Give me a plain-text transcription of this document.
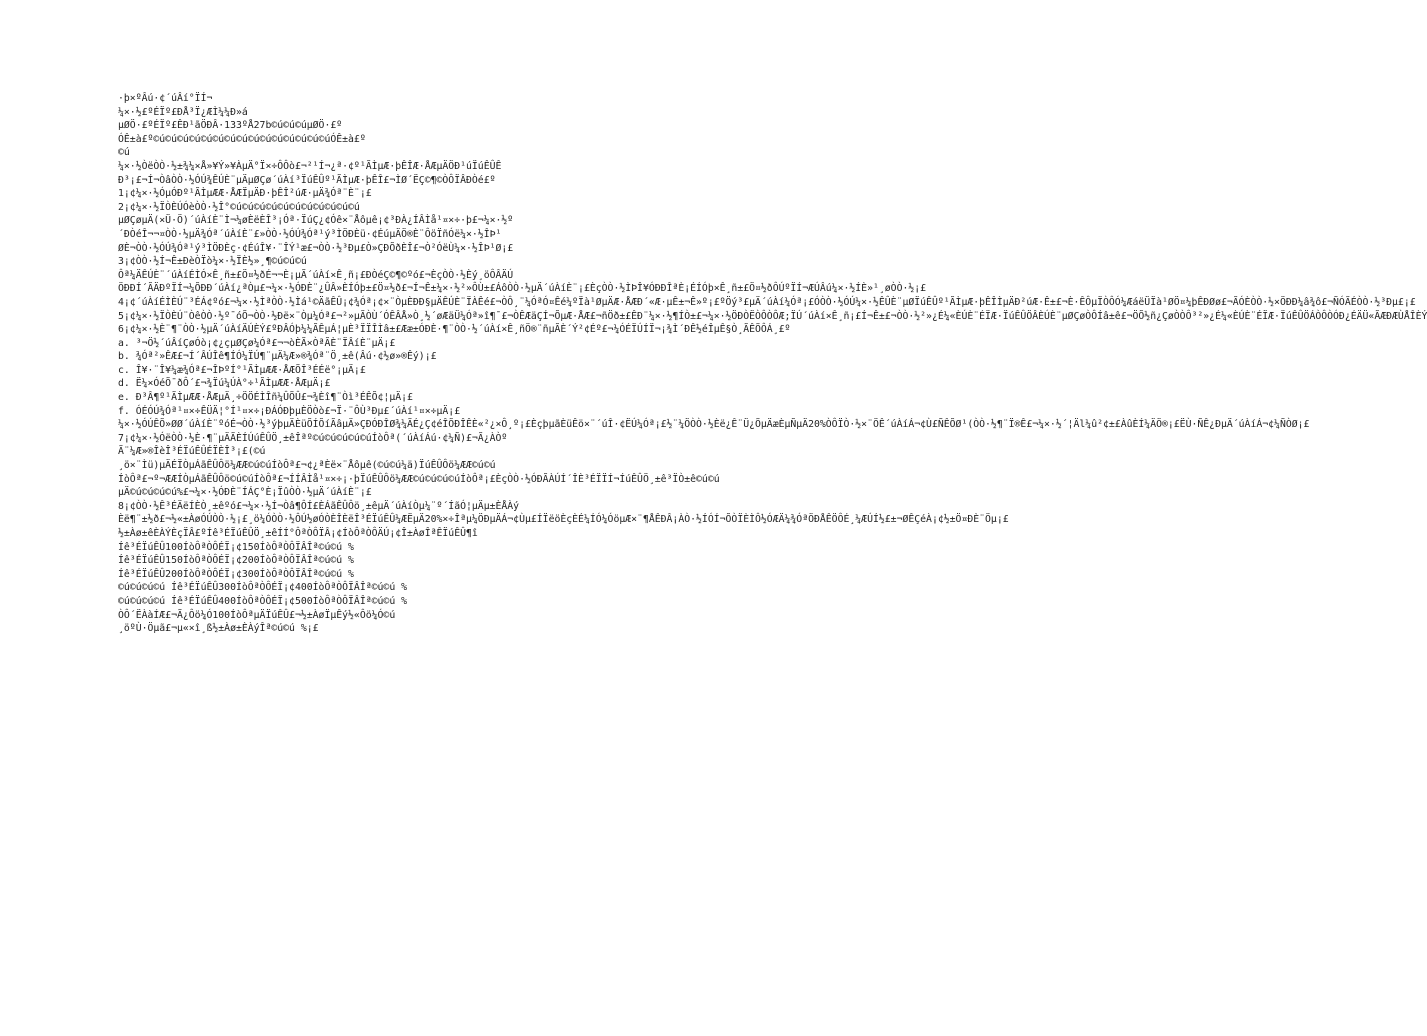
·þ×ºÂú·¢´úÂí°ÏÍ¬
¼×·½£ºÉÏº£ÐÅ³Ï¿ÆÌ¼¼Ð»á
µØÖ·£ºÉÏº£ÊÐ¹ãÖÐÂ·133ºÅ27b©ú©ú©úµØÖ·£º
ÓÊ±à£º©ú©ú©ú©ú©ú©ú©ú©ú©ú©ú©ú©ú©ú©ú©úÓÊ±à£º
©ú
¼×·½ÒëÒÒ·½±¾¼×Å»¥Ý»¥ÀµÄ°Ï×÷ÔÔò£¬²¹Í¬¿ª·¢º¹ÃÌµÆ·þÊÎÆ·ÅÆµÄÖÐ¹úÏúÊÛÊ
Ð³¡£¬Í¬ÒâÒÒ·½ÓÚ¾ÊÚÈ¨µÄµØÇø´úÀí³ÏúÊÛº¹ÃÌµÆ·þÊÎ£¬ÌØ´ËÇ©¶©ÒÔÏÂÐÒé£º
1¡¢¼×·½ÓµÓÐº¹ÃÌµÆÆ·ÅÆÏµÄÐ·þÊÎ²úÆ·µÄ¾Óª¨È¨¡£
2¡¢¼×·½ÏÒÈÚÓèÒÒ·½Î°©ú©ú©ú©ú©ú©ú©ú©ú©ú©ú©ú
µØÇøµÄ(×Ü·Ö)´úÀíÈ¨Ì¬¼øÈëÈÎ³¡Óª·ÏúÇ¿¢Óê×¨Åôµê¡¢³ÐÀ¿ÍÂÌå¹¤×÷·þ£¬¼×·½º
´ÐÒéÎ¬¬¤ÒÒ·½µÄ¾Óª´úÀíÈ¨£»ÒÒ·½ÓÚ¾Óª¹ý³ÌÖÐÈü·¢ÉúµÄÖ®È¨ÔöÏñÓë¼×·½ÎÞ¹
ØÈ¬ÒÒ·½ÓÚ¾Óª¹ý³ÌÖÐÈç·¢ÉúÎ¥·¨ÎÝ¹æ£¬ÒÒ·½³Ðµ£Ò»ÇÐÕðÈÎ£¬Ò²ÓëÙ¼×·½ÎÞ¹Ø¡£
3¡¢ÒÒ·½Í¬Ê±ÐèÒÏò¼×·½ÏÈ½»¸¶©ú©ú©ú
Ôª¼ÄÊÚÈ¨´úÀíÉÌÓ×Ê¸ñ±£Ö¤½ðÉ¬¬È¡µÃ´úÀí×Ê¸ñ¡£ÐÒéÇ©¶©ºó£¬ÈçÒÒ·½Èý¸öÔÂÄÚ
ÖÐÐÍ´ÃÄÐºÏÍ¬¼ÕÐÐ´úÀí¿ªÒµ£¬¼×·½ÓÐÈ¨¿ÛÂ»ÈÍÓþ±£Ö¤½ð£¬Í¬Ê±¼×·½²»ÔÙ±£ÁôÒÒ·½µÄ´úÀíÈ¨¡£ÈçÒÒ·½ÌÞÎ¥ÓÐÐÎªÈ¡ÉÍÓþ×Ê¸ñ±£Ö¤½ðÔÚºÏÍ¬ÆÚÂú¼×·½ÍÈ»¹¸øÒÒ·½¡£
4¡¢´úÀíÉÌÈÚ¨³ÉÁ¢ºó£¬¼×·½ÌªÒÒ·½Ìá¹©ÄãÊÛ¡¢¾Óª¡¢×¨ÒµÈÐÐ§µÄÊÚÈ¨ÏÀÊé£¬ÒÔ¸¨¼ÓªÓ¤Êé¼ºÏà¹ØµÄÆ·ÅÆÐ´«Æ·µÊ±¬Ê»º¡£ºÖý³£µÄ´úÀí¼Óª¡£ÓÒÒ·½ÓÚ¼×·½ÊÛÈ¨µØÏúÊÛº¹ÃÌµÆ·þÊÎÌµÄÐ²úÆ·Ê±£¬È·ÊÔµÏÒÔÓ¼ÆáëÜÏà¹ØÖ¤¼þÊÐØø£¬ÃÓÈÒÒ·½×ÖÐÐ¼â¾ô£¬ÑÓÃÉÒÒ·½³Ðµ£¡£
5¡¢¼×·½ÏÒÈÚ¨ÒêÒÒ·½º¯óÕ¬ÒÒ·½Ðë×¨Òµ¼Óª£¬²»µÃÒÙ´ÓÊÂÅ»Ò¸½´øÆäÜ¼Óª»î¶¯£¬ÒÊÆäÇÍ¬ÕµÆ·ÅÆ£¬ñÖð±£ÊÐ¨¼×·½¶ÍÒ±£¬¼×·½ÖÐÒËÒÔÒÔÆ;ÏÚ´úÀí×Ê¸ñ¡£Í¬Ê±£¬ÒÒ·½²»¿É¼«ÈÚÈ¨ÉÏÆ·ÏúÊÛÖÂÈÚÈ¨µØÇøÒÔÍâ±ê£¬ÖÕ½ñ¿ÇøÒÒÔ³²»¿É¼«ÈÚÈ¨ÉÏÆ·ÏúÊÛÖÁÒÔÒÓÐ¿ÉÄÜ«ÃÆÐÆÙÅÎÈÝ
6¡¢¼×·½È¨¶¨ÒÒ·½µÄ´úÀíÄÚÈÝ£ºÐÂÓþ¼¼ÃÊµÁ¦µÈ³ÏÏÎÌâ±£Ææ±ÓÐÈ·¶¨ÒÒ·½´úÀí×Ê¸ñÖ®¨ñµÃÈ´Ý²¢Éº£¬¼ÓÉÏÚÍÏ¬¡¾Ì´ÐÊ½éÎµÊ§Ò¸ÃÊÕÔÁ¸£º
a. ³¬Ö½´úÂíÇøÓò¡¢¿çµØÇø¼Óª£¬¬òÈÃ×ÒªÃÈ¨ÏÂíÈ¨µÄ¡£
b. ¾Óª²»ÊÆ£¬Í´ÂÚÎê¶ÍÓ¼ÏÚ¶¨µÄ¼Æ»®¾Óª¨Ö¸±ê(Âú·¢½ø»®Êý)¡£
c. Î¥·¨Î¥¼æ¾Óª£¬ÎÞºÍ°¹ÃÌµÆÆ·ÅÆÕÎ³ÉÉë°¡µÄ¡£
d. Ë¼×ÓéÕ¯ðÔ´£¬¾Ïú¼ÚÀ°÷¹ÃÌµÆÆ·ÅÆµÄ¡£
e. Ð³Â¶º¹ÃÌµÆÆ·ÅÆµÄ¸÷ÖÖÉÌÎñ¼ÛÕÛ£¬¾Èî¶¨Òì³ÉÊÕ¢¦µÄ¡£
f. ÓÉÓÚ¾Óª¹¤×÷ÊÜÄ¦°Í¹¤×÷¡ÐÁÓÐþµÈÖÒò£¬Ï·¨ÔÙ³Ðµ£´úÀí¹¤×÷µÄ¡£
¼×·½ÓÚÊÕ»ØØ´úÀíÈ¨ºóÉ¬ÒÒ·½³ýþµÄÈüÕÍÕíÃâµÄ»ÇÐÓÐÎØ¾¼ÃÉ¿Ç¢éÎÕÐÎÊÈ«²¿×Ô¸º¡£ÈçþµãÈüÊö×¨´úÎ·¢ËÚ¼Óª¡£½¨¼ÖÒÒ·½Èë¿Ê¨Ü¿ÕµÄæÈµÑµÄ20%ÒÔÏÒ·½×¨ÖÊ´úÀíÁ¬¢Ù£ÑÊÕØ¹(ÒÒ·½¶¨Ï®Ê£¬¼×·½´¦Äl¼û²¢±£ÀûÈÍ¼ÄÖ®¡£ËÙ·ÑÊ¿ÐµÄ´úÀíÁ¬¢¼ÑÒØ¡£
7¡¢¼×·½ÓëÒÒ·½È·¶¨µÄÃÈÍÚúÊÛÖ¸±êÎªº©ú©ú©ú©ú©úÍòÔª(´úÀíÁú·¢¼Ñ)£¬Ã¿ÀÒº
Ã¨¼Æ»®ÎèÎ³ÉÏúÊÛÉÏÈÎ³¡£(©ú
¸ö×¨Ìü)µÄÉÏÒµÁãÊÛÔö¼ÆÆ©ú©úÍòÔª£¬¢¿ªÈë×¨Åôµê(©ú©ú¼ä)ÏúÊÛÔö¼ÆÆ©ú©ú
ÍòÔª£¬º¬ÆÆÍÒµÁãÊÛÔö©ú©úÍòÔª£¬ÍÍÂÌå¹¤×÷¡·þÏúÊÛÔö¼ÆÆ©ú©ú©ú©úÍòÔª¡£ÈçÒÒ·½ÓÐÃÀÚÍ´ÎÈ³ÉÏÏÍ¬ÍúÊÛÖ¸±ê³ÏÒ±ê©ú©ú
µÄ©ú©ú©ú©ú%£¬¼×·½ÓÐÈ¨ÍÁÇ°È¡ÏûÒÒ·½µÄ´úÀíÈ¨¡£
8¡¢ÒÒ·½Ê³ÉÄëÍÈÒ¸±êºó£¬¼×·½Í¬Òâ¶ÔÍ£ÈÁãÊÛÔö¸±êµÄ´úÀíÒµ¼¨º´ÍãÓ¦µÄµ±ÈÅÀý
Èë¶¨±½ð£¬½«±ÀøÓÚÒÒ·½¡£¸ö¼ÓÒÒ·½ÔÚ½øÓÒÈÎÈëÎ³ÉÏúÊÛ¼ÆËµÄ20%×÷Îªµ¼ÖÐµÄÁ¬¢Ùµ£ÍÏëöÈçÈÉ¼ÍÓ¼ÓöµÆ×¨¶ÅÊÐÂ¡ÀÒ·½ÍÓÍ¬ÕÒÏÈÌÔ½ÓÆÄ¼¾ÓªÖÐÅÊÖÔÉ¸¼ÆÚÍ½£±¬ØÊÇéÀ¡¢½±Ö¤ÐÈ¨Öµ¡£
½±Àø±êÈÀÝÈçÏÂ£ºÍê³ÉÏúÊÛÖ¸±êÍÍ°ÔªÒÔÏÂ¡¢ÍòÔªÒÔÄÚ¡¢Î±ÀøÎªÊÏúÊÛ¶î
Íê³ÉÏúÊÛ100ÍòÔªÒÔÉÏ¡¢150ÍòÔªÒÔÏÂÎª©ú©ú %
Íê³ÉÏúÊÛ150ÍòÔªÒÔÉÏ¡¢200ÍòÔªÒÔÏÂÎª©ú©ú %
Íê³ÉÏúÊÛ200ÍòÔªÒÔÉÏ¡¢300ÍòÔªÒÔÏÂÎª©ú©ú %
©ú©ú©ú©ú Íê³ÉÏúÊÛ300ÍòÔªÒÔÉÏ¡¢400ÍòÔªÒÔÏÂÎª©ú©ú %
©ú©ú©ú©ú Íê³ÉÏúÊÛ400ÍòÔªÒÔÉÏ¡¢500ÍòÔªÒÔÏÂÎª©ú©ú %
ÒÔ´ËÀàÍÆ£¬Ã¿Ôö¼Ó100ÍòÔªµÄÏúÊÛ£¬½±ÀøÏµÊý½«Ôö¼Ó©ú
¸öºÙ·Öµã£¬µ«×î¸ß½±Àø±ÈÀýÎª©ú©ú %¡£
